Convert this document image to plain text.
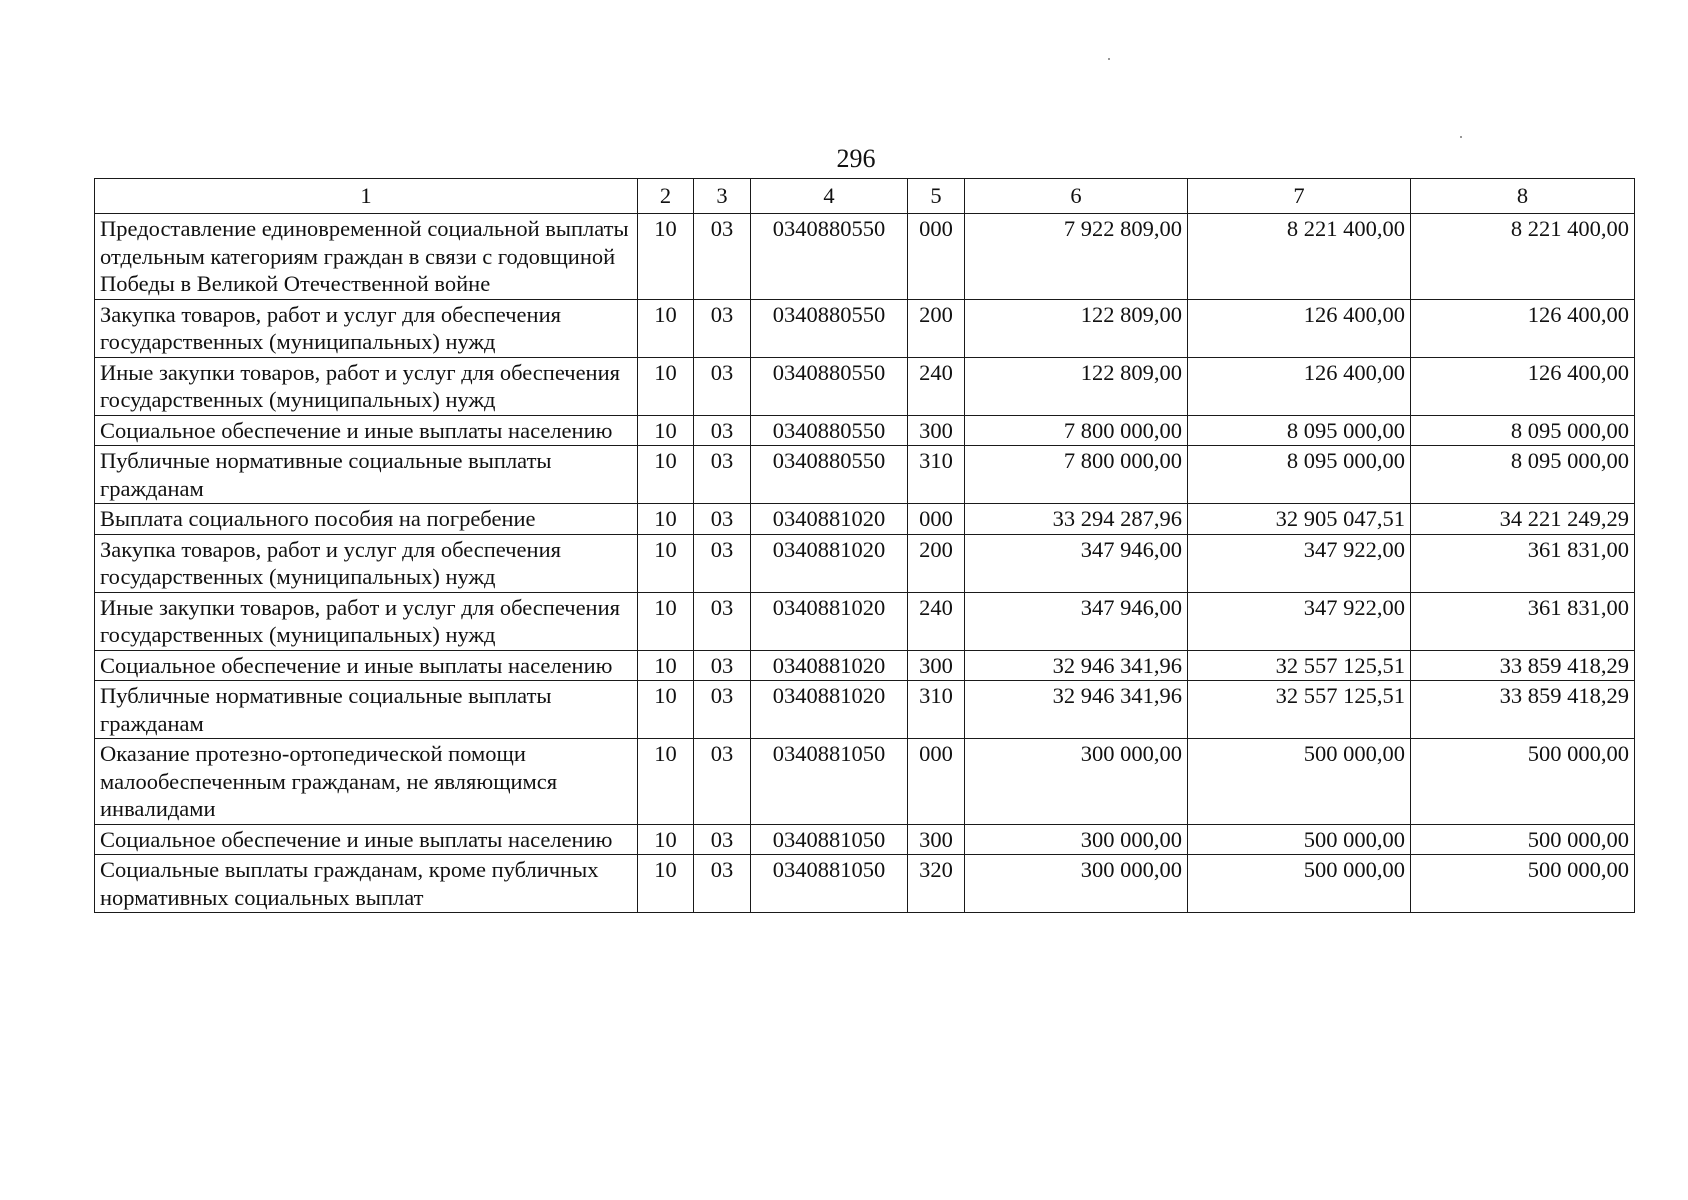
296
1	2	3	4	5	6	7	8
Предоставление единовременной социальной выплаты отдельным категориям граждан в связи с годовщиной Победы в Великой Отечественной войне	10	03	0340880550	000	7 922 809,00	8 221 400,00	8 221 400,00
Закупка товаров, работ и услуг для обеспечения государственных (муниципальных) нужд	10	03	0340880550	200	122 809,00	126 400,00	126 400,00
Иные закупки товаров, работ и услуг для обеспечения государственных (муниципальных) нужд	10	03	0340880550	240	122 809,00	126 400,00	126 400,00
Социальное обеспечение и иные выплаты населению	10	03	0340880550	300	7 800 000,00	8 095 000,00	8 095 000,00
Публичные нормативные социальные выплаты гражданам	10	03	0340880550	310	7 800 000,00	8 095 000,00	8 095 000,00
Выплата социального пособия на погребение	10	03	0340881020	000	33 294 287,96	32 905 047,51	34 221 249,29
Закупка товаров, работ и услуг для обеспечения государственных (муниципальных) нужд	10	03	0340881020	200	347 946,00	347 922,00	361 831,00
Иные закупки товаров, работ и услуг для обеспечения государственных (муниципальных) нужд	10	03	0340881020	240	347 946,00	347 922,00	361 831,00
Социальное обеспечение и иные выплаты населению	10	03	0340881020	300	32 946 341,96	32 557 125,51	33 859 418,29
Публичные нормативные социальные выплаты гражданам	10	03	0340881020	310	32 946 341,96	32 557 125,51	33 859 418,29
Оказание протезно-ортопедической помощи малообеспеченным гражданам, не являющимся инвалидами	10	03	0340881050	000	300 000,00	500 000,00	500 000,00
Социальное обеспечение и иные выплаты населению	10	03	0340881050	300	300 000,00	500 000,00	500 000,00
Социальные выплаты гражданам, кроме публичных нормативных социальных выплат	10	03	0340881050	320	300 000,00	500 000,00	500 000,00
